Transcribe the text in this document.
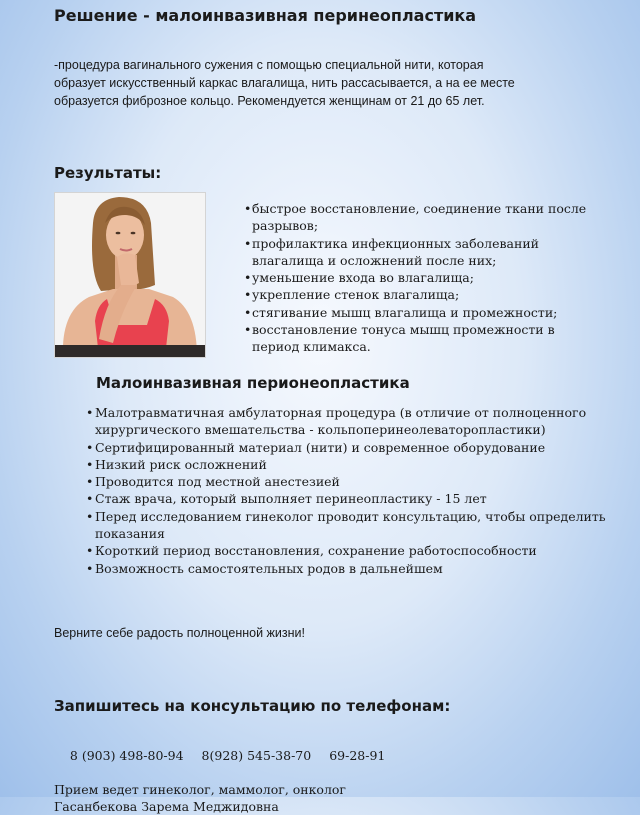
Решение - малоинвазивная перинеопластика

-процедура вагинального сужения с помощью специальной нити, которая

образует искусственный каркас влагалища, нить рассасывается, а на ее месте

образуется фиброзное кольцо. Рекомендуется женщинам от 21 до 65 лет.

Результаты:
• быстрое восстановление, соединение ткани после разрывов;
• профилактика инфекционных заболеваний влагалища и осложнений после них;
• уменьшение входа во влагалища;
• укрепление стенок влагалища;
• стягивание мышц влагалища и промежности;
• восстановление тонуса мышц промежности в период климакса.
Малоинвазивная перионеопластика
• Малотравматичная амбулаторная процедура (в отличие от полноценного хирургического вмешательства - кольпоперинеолеваторопластики)
• Сертифицированный материал (нити) и современное оборудование
• Низкий риск осложнений
• Проводится под местной анестезией
• Стаж врача, который выполняет перинеопластику - 15 лет
• Перед исследованием гинеколог проводит консультацию, чтобы определить показания
• Короткий период восстановления, сохранение работоспособности
• Возможность самостоятельных родов в дальнейшем
Верните себе радость полноценной жизни!
Запишитесь на консультацию по телефонам:

8 (903) 498-80-94 8(928) 545-38-70 69-28-91

Прием ведет гинеколог, маммолог, онколог
Гасанбекова Зарема Меджидовна
